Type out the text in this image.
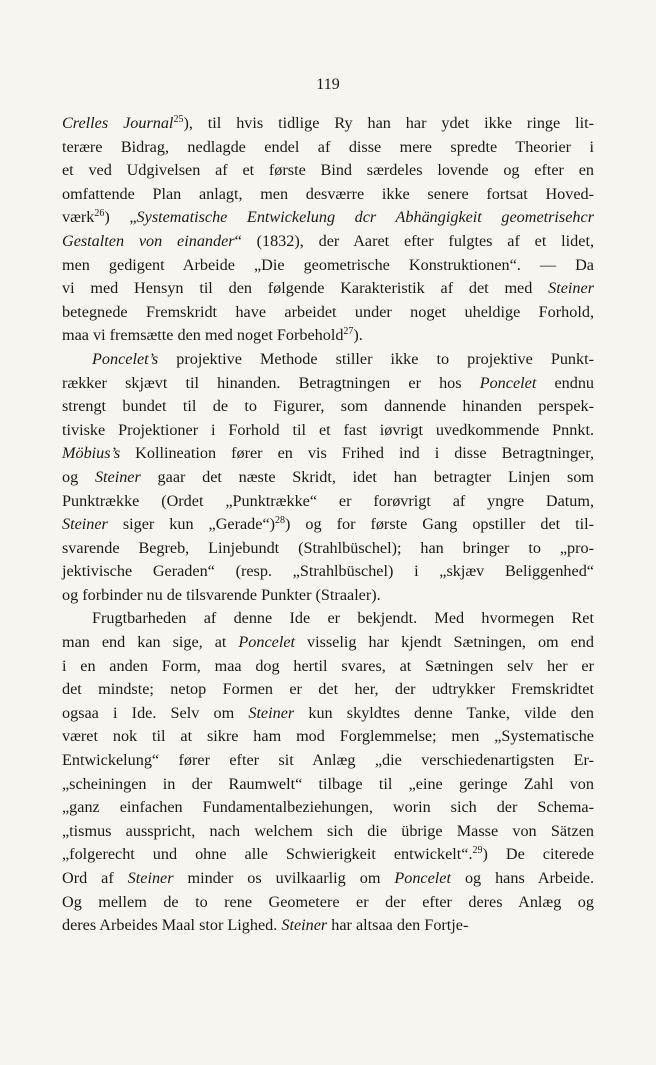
119
Crelles Journal$^{25}$), til hvis tidlige Ry han har ydet ikke ringe lit-
terære Bidrag, nedlagde endel af disse mere spredte Theorier i
et ved Udgivelsen af et første Bind særdeles lovende og efter en
omfattende Plan anlagt, men desværre ikke senere fortsat Hoved-
værk$^{26}$) „Systematische Entwickelung dcr Abhängigkeit geometrisehcr
Gestalten von einander“ (1832), der Aaret efter fulgtes af et lidet,
men gedigent Arbeide „Die geometrische Konstruktionen“. — Da
vi med Hensyn til den følgende Karakteristik af det med Steiner
betegnede Fremskridt have arbeidet under noget uheldige Forhold,
maa vi fremsætte den med noget Forbehold$^{27}$).
Poncelet’s projektive Methode stiller ikke to projektive Punkt-
rækker skjævt til hinanden. Betragtningen er hos Poncelet endnu
strengt bundet til de to Figurer, som dannende hinanden perspek-
tiviske Projektioner i Forhold til et fast iøvrigt uvedkommende Pnnkt.
Möbius’s Kollineation fører en vis Frihed ind i disse Betragtninger,
og Steiner gaar det næste Skridt, idet han betragter Linjen som
Punktrække (Ordet „Punktrække“ er forøvrigt af yngre Datum,
Steiner siger kun „Gerade“)$^{28}$) og for første Gang opstiller det til-
svarende Begreb, Linjebundt (Strahlbüschel); han bringer to „pro-
jektivische Geraden“ (resp. „Strahlbüschel) i „skjæv Beliggenhed“
og forbinder nu de tilsvarende Punkter (Straaler).
Frugtbarheden af denne Ide er bekjendt. Med hvormegen Ret
man end kan sige, at Poncelet visselig har kjendt Sætningen, om end
i en anden Form, maa dog hertil svares, at Sætningen selv her er
det mindste; netop Formen er det her, der udtrykker Fremskridtet
ogsaa i Ide. Selv om Steiner kun skyldtes denne Tanke, vilde den
været nok til at sikre ham mod Forglemmelse; men „Systematische
Entwickelung“ fører efter sit Anlæg „die verschiedenartigsten Er-
„scheiningen in der Raumwelt“ tilbage til „eine geringe Zahl von
„ganz einfachen Fundamentalbeziehungen, worin sich der Schema-
„tismus ausspricht, nach welchem sich die übrige Masse von Sätzen
„folgerecht und ohne alle Schwierigkeit entwickelt“.$^{29}$) De citerede
Ord af Steiner minder os uvilkaarlig om Poncelet og hans Arbeide.
Og mellem de to rene Geometere er der efter deres Anlæg og
deres Arbeides Maal stor Lighed. Steiner har altsaa den Fortje-
